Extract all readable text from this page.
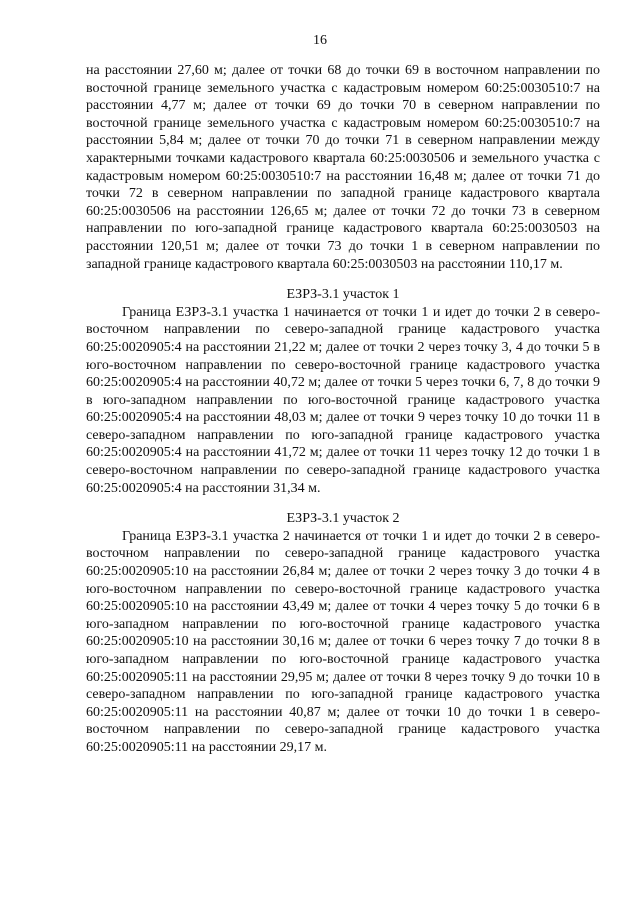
16

на расстоянии 27,60 м; далее от точки 68 до точки 69 в восточном направлении по восточной границе земельного участка с кадастровым номером 60:25:0030510:7 на расстоянии 4,77 м; далее от точки 69 до точки 70 в северном направлении по восточной границе земельного участка с кадастровым номером 60:25:0030510:7 на расстоянии 5,84 м; далее от точки 70 до точки 71 в северном направлении между характерными точками кадастрового квартала 60:25:0030506 и земельного участка с кадастровым номером 60:25:0030510:7 на расстоянии 16,48 м; далее от точки 71 до точки 72 в северном направлении по западной границе кадастрового квартала 60:25:0030506 на расстоянии 126,65 м; далее от точки 72 до точки 73 в северном направлении по юго-западной границе кадастрового квартала 60:25:0030503 на расстоянии 120,51 м; далее от точки 73 до точки 1 в северном направлении по западной границе кадастрового квартала 60:25:0030503 на расстоянии 110,17 м.

ЕЗРЗ-3.1 участок 1

Граница ЕЗРЗ-3.1 участка 1 начинается от точки 1 и идет до точки 2 в северо-восточном направлении по северо-западной границе кадастрового участка 60:25:0020905:4 на расстоянии 21,22 м; далее от точки 2 через точку 3, 4 до точки 5 в юго-восточном направлении по северо-восточной границе кадастрового участка 60:25:0020905:4 на расстоянии 40,72 м; далее от точки 5 через точки 6, 7, 8 до точки 9 в юго-западном направлении по юго-восточной границе кадастрового участка 60:25:0020905:4 на расстоянии 48,03 м; далее от точки 9 через точку 10 до точки 11 в северо-западном направлении по юго-западной границе кадастрового участка 60:25:0020905:4 на расстоянии 41,72 м; далее от точки 11 через точку 12 до точки 1 в северо-восточном направлении по северо-западной границе кадастрового участка 60:25:0020905:4 на расстоянии 31,34 м.

ЕЗРЗ-3.1 участок 2

Граница ЕЗРЗ-3.1 участка 2 начинается от точки 1 и идет до точки 2 в северо-восточном направлении по северо-западной границе кадастрового участка 60:25:0020905:10 на расстоянии 26,84 м; далее от точки 2 через точку 3 до точки 4 в юго-восточном направлении по северо-восточной границе кадастрового участка 60:25:0020905:10 на расстоянии 43,49 м; далее от точки 4 через точку 5 до точки 6 в юго-западном направлении по юго-восточной границе кадастрового участка 60:25:0020905:10 на расстоянии 30,16 м; далее от точки 6 через точку 7 до точки 8 в юго-западном направлении по юго-восточной границе кадастрового участка 60:25:0020905:11 на расстоянии 29,95 м; далее от точки 8 через точку 9 до точки 10 в северо-западном направлении по юго-западной границе кадастрового участка 60:25:0020905:11 на расстоянии 40,87 м; далее от точки 10 до точки 1 в северо-восточном направлении по северо-западной границе кадастрового участка 60:25:0020905:11 на расстоянии 29,17 м.
